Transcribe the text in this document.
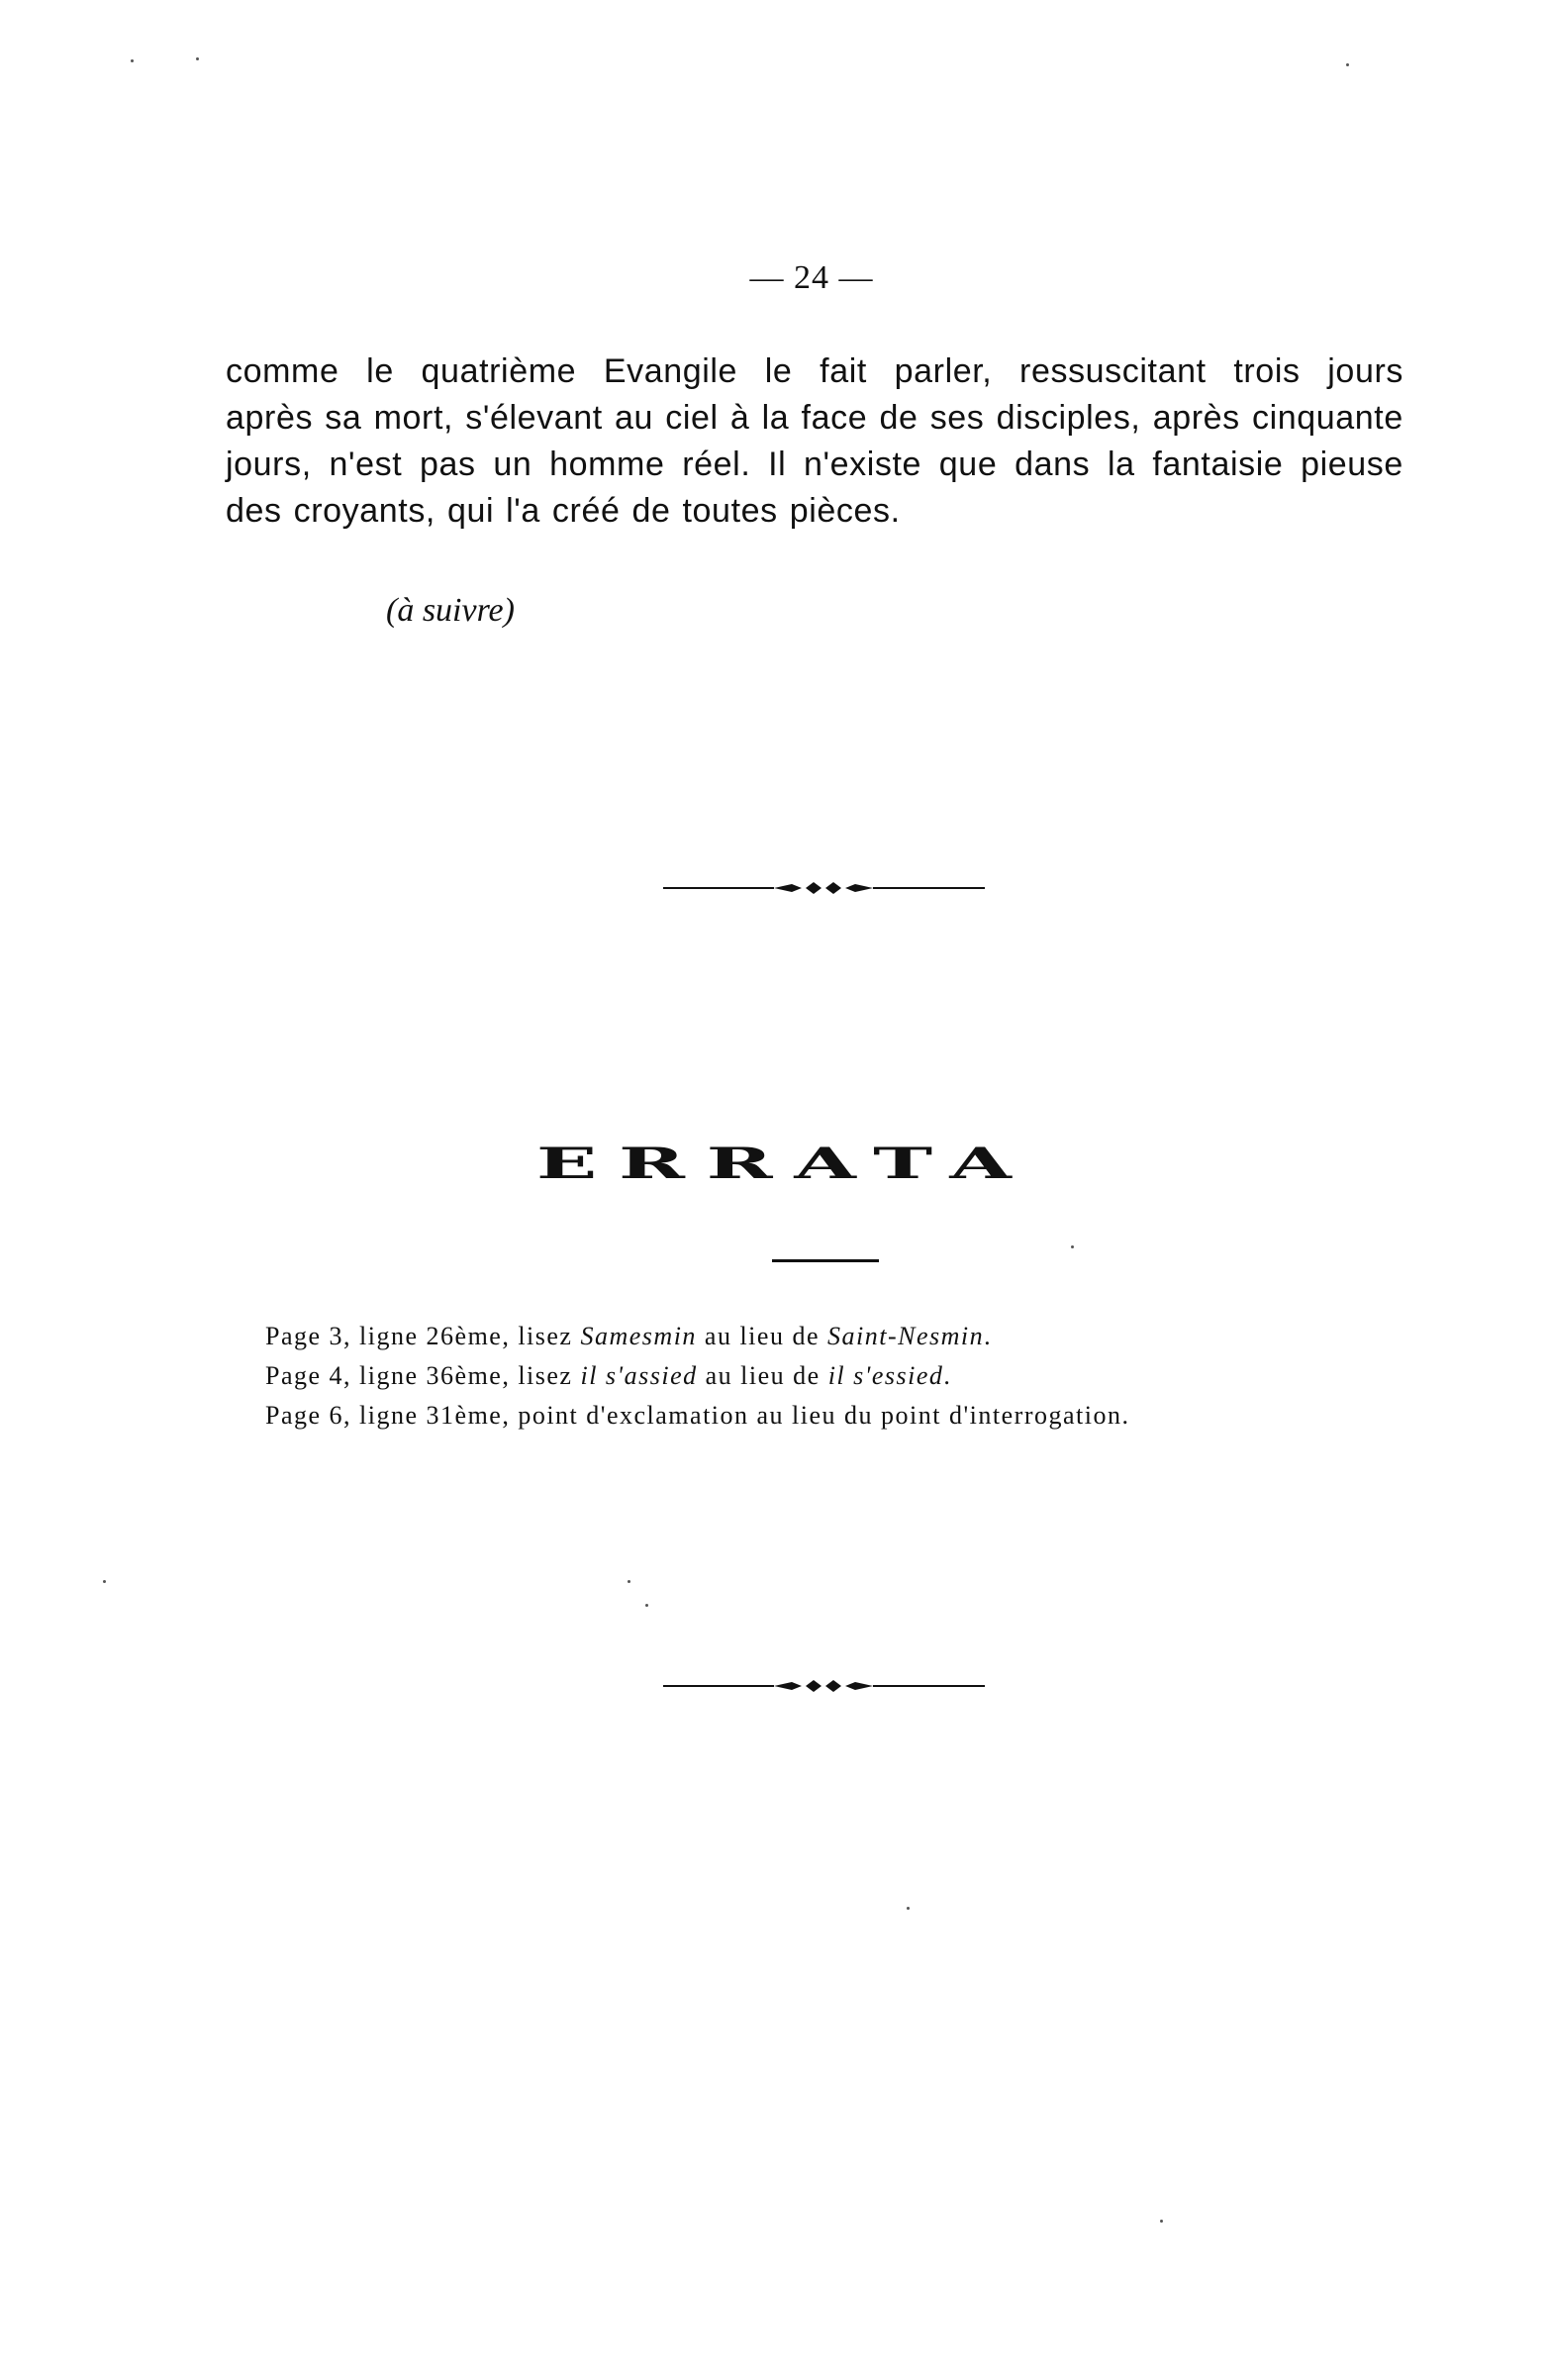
— 24 —
comme le quatrième Evangile le fait parler, ressuscitant trois jours
après sa mort, s'élevant au ciel à la face de ses disciples, après cinquante
jours, n'est pas un homme réel. Il n'existe que dans la fantaisie pieuse
des croyants, qui l'a créé de toutes pièces.
(à suivre)
ERRATA
Page 3, ligne 26ème, lisez Samesmin au lieu de Saint-Nesmin.
Page 4, ligne 36ème, lisez il s'assied au lieu de il s'essied.
Page 6, ligne 31ème, point d'exclamation au lieu du point d'interrogation.
